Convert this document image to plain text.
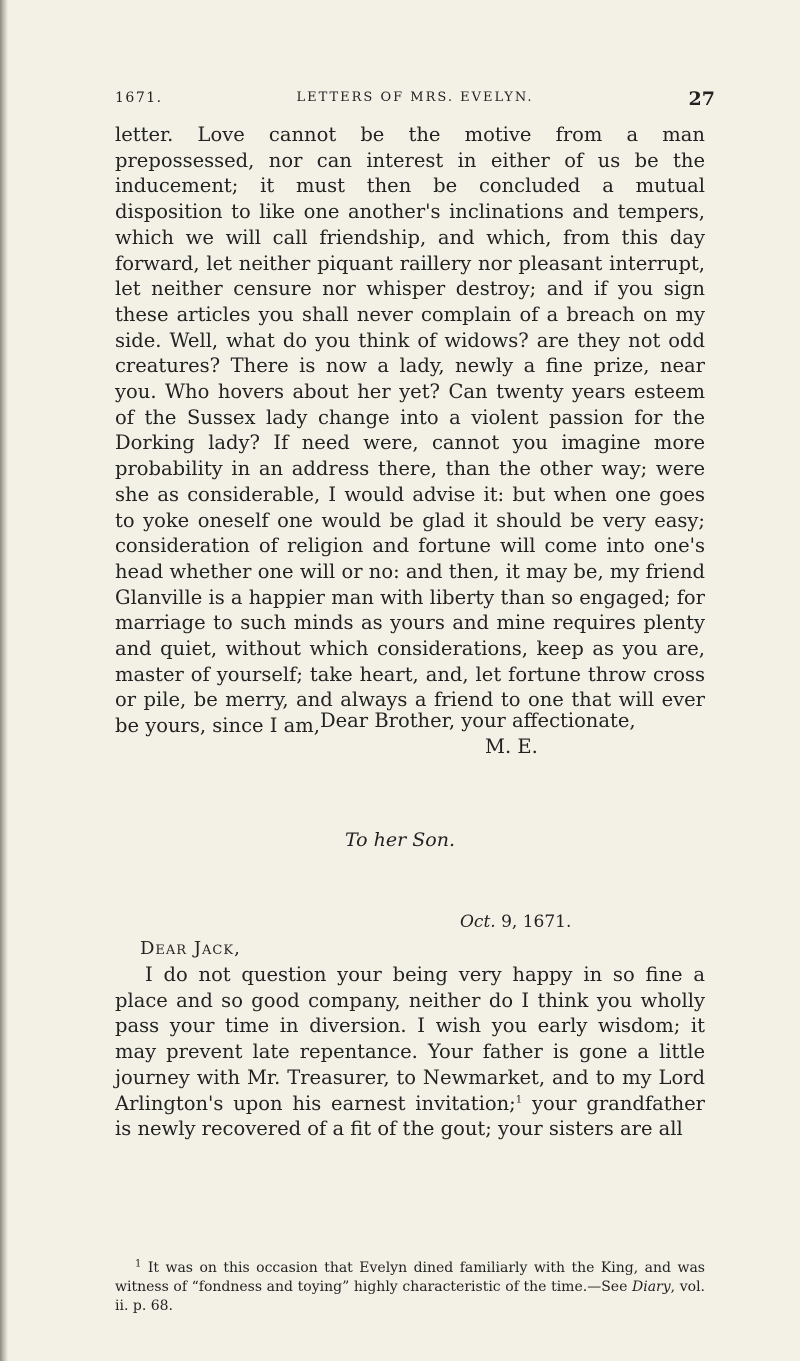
1671.	LETTERS OF MRS. EVELYN.	27

letter. Love cannot be the motive from a man prepossessed, nor can interest in either of us be the inducement; it must then be concluded a mutual disposition to like one another's inclinations and tempers, which we will call friendship, and which, from this day forward, let neither piquant raillery nor pleasant interrupt, let neither censure nor whisper destroy; and if you sign these articles you shall never complain of a breach on my side. Well, what do you think of widows? are they not odd creatures? There is now a lady, newly a fine prize, near you. Who hovers about her yet? Can twenty years esteem of the Sussex lady change into a violent passion for the Dorking lady? If need were, cannot you imagine more probability in an address there, than the other way; were she as considerable, I would advise it: but when one goes to yoke oneself one would be glad it should be very easy; consideration of religion and fortune will come into one's head whether one will or no: and then, it may be, my friend Glanville is a happier man with liberty than so engaged; for marriage to such minds as yours and mine requires plenty and quiet, without which considerations, keep as you are, master of yourself; take heart, and, let fortune throw cross or pile, be merry, and always a friend to one that will ever be yours, since I am, Dear Brother, your affectionate,
M. E.
To her Son.
Oct. 9, 1671.
Dear Jack,

I do not question your being very happy in so fine a place and so good company, neither do I think you wholly pass your time in diversion. I wish you early wisdom; it may prevent late repentance. Your father is gone a little journey with Mr. Treasurer, to Newmarket, and to my Lord Arlington's upon his earnest invitation;$^1$ your grandfather is newly recovered of a fit of the gout; your sisters are all

$^1$ It was on this occasion that Evelyn dined familiarly with the King, and was witness of “fondness and toying” highly characteristic of the time.—See Diary, vol. ii. p. 68.
